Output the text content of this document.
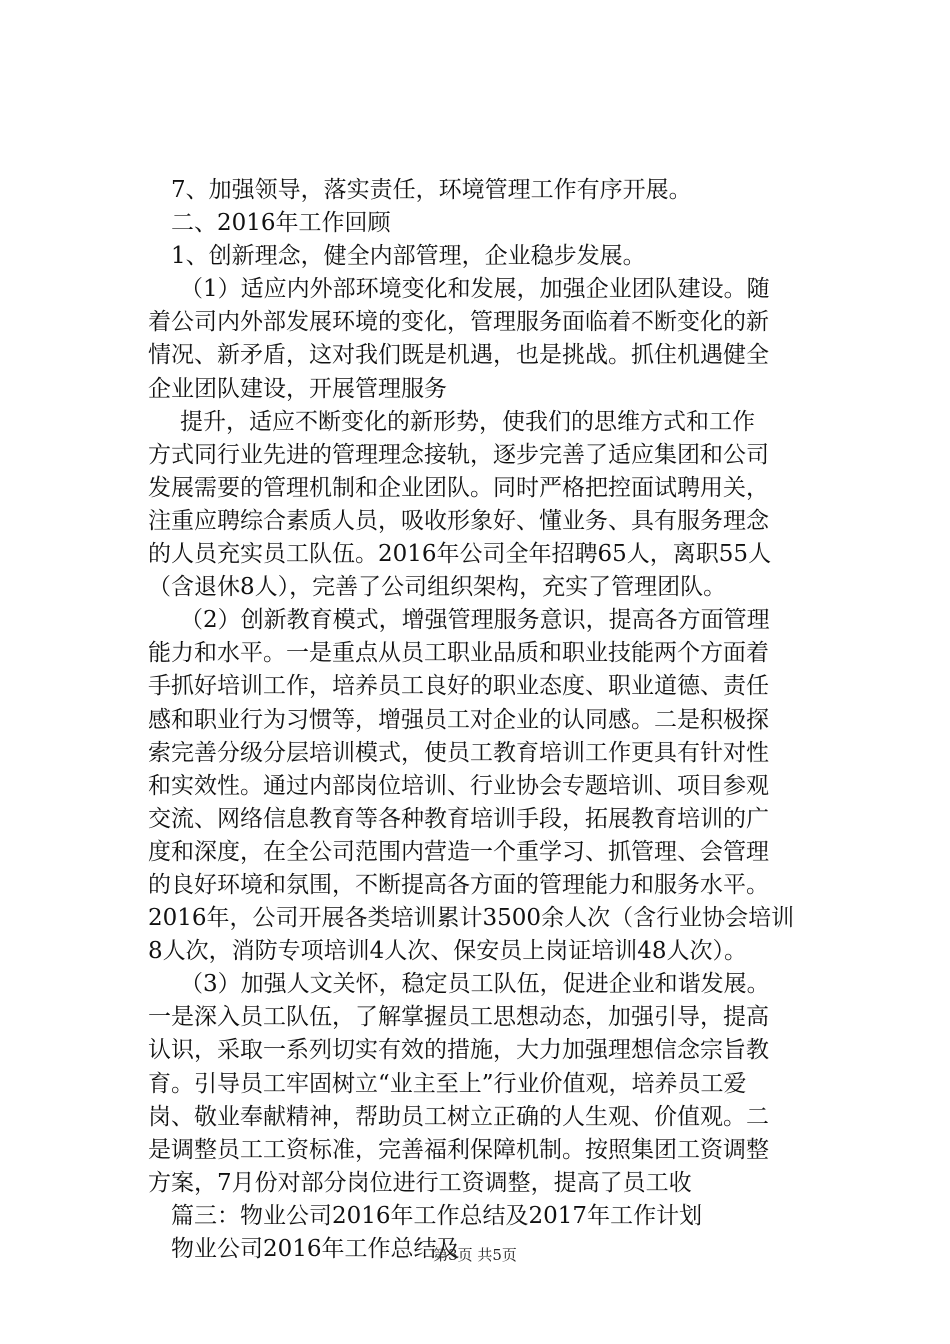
7、加强领导，落实责任，环境管理工作有序开展。
二、2016年工作回顾
1、创新理念，健全内部管理，企业稳步发展。
（1）适应内外部环境变化和发展，加强企业团队建设。随
着公司内外部发展环境的变化，管理服务面临着不断变化的新
情况、新矛盾，这对我们既是机遇，也是挑战。抓住机遇健全
企业团队建设，开展管理服务
提升，适应不断变化的新形势，使我们的思维方式和工作
方式同行业先进的管理理念接轨，逐步完善了适应集团和公司
发展需要的管理机制和企业团队。同时严格把控面试聘用关，
注重应聘综合素质人员，吸收形象好、懂业务、具有服务理念
的人员充实员工队伍。2016年公司全年招聘65人，离职55人
（含退休8人），完善了公司组织架构，充实了管理团队。
（2）创新教育模式，增强管理服务意识，提高各方面管理
能力和水平。一是重点从员工职业品质和职业技能两个方面着
手抓好培训工作，培养员工良好的职业态度、职业道德、责任
感和职业行为习惯等，增强员工对企业的认同感。二是积极探
索完善分级分层培训模式，使员工教育培训工作更具有针对性
和实效性。通过内部岗位培训、行业协会专题培训、项目参观
交流、网络信息教育等各种教育培训手段，拓展教育培训的广
度和深度，在全公司范围内营造一个重学习、抓管理、会管理
的良好环境和氛围，不断提高各方面的管理能力和服务水平。
2016年，公司开展各类培训累计3500余人次（含行业协会培训
8人次，消防专项培训4人次、保安员上岗证培训48人次）。
（3）加强人文关怀，稳定员工队伍，促进企业和谐发展。
一是深入员工队伍，了解掌握员工思想动态，加强引导，提高
认识，采取一系列切实有效的措施，大力加强理想信念宗旨教
育。引导员工牢固树立“业主至上”行业价值观，培养员工爱
岗、敬业奉献精神，帮助员工树立正确的人生观、价值观。二
是调整员工工资标准，完善福利保障机制。按照集团工资调整
方案，7月份对部分岗位进行工资调整，提高了员工收
篇三：物业公司2016年工作总结及2017年工作计划
物业公司2016年工作总结及
第3页 共5页
